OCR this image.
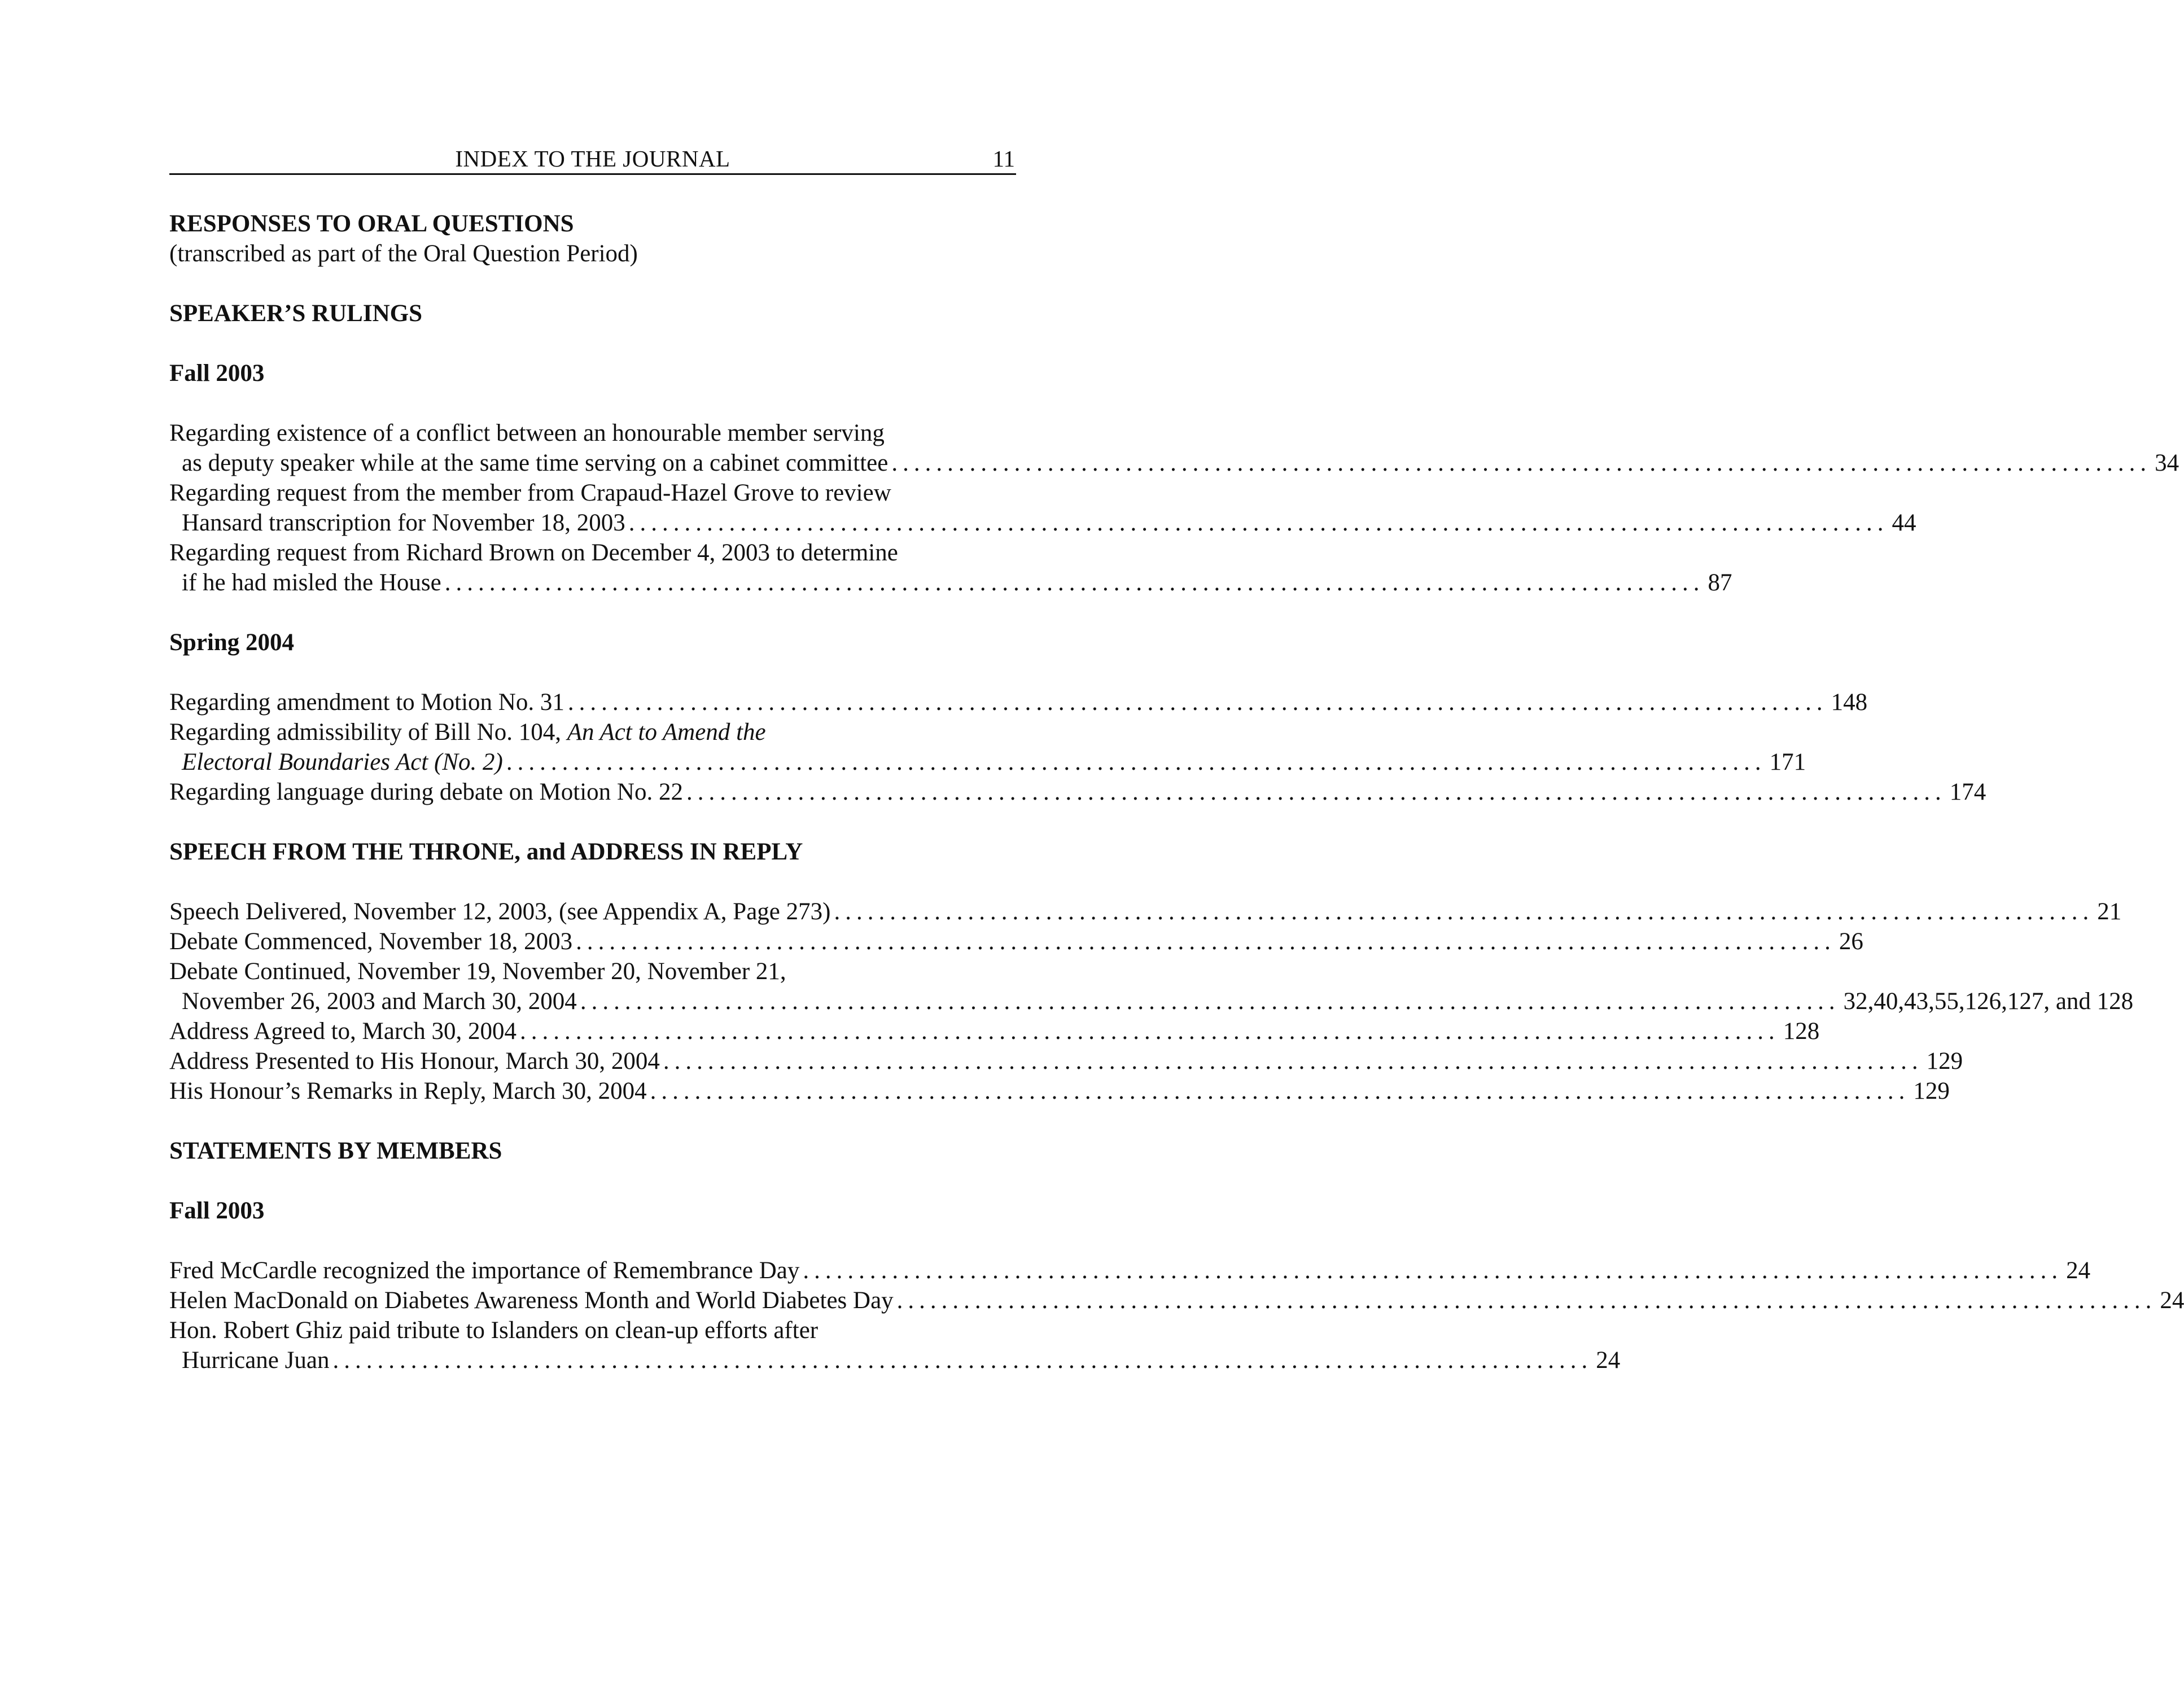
INDEX TO THE JOURNAL	11
RESPONSES TO ORAL QUESTIONS
(transcribed as part of the Oral Question Period)
SPEAKER’S RULINGS
Fall 2003
Regarding existence of a conflict between an honourable member serving
as deputy speaker while at the same time serving on a cabinet committee ................................................................................................................. 34
Regarding request from the member from Crapaud-Hazel Grove to review
Hansard transcription for November 18, 2003 ................................................................................................................. 44
Regarding request from Richard Brown on December 4, 2003 to determine
if he had misled the House ................................................................................................................. 87
Spring 2004
Regarding amendment to Motion No. 31 ................................................................................................................. 148
Regarding admissibility of Bill No. 104, An Act to Amend the
Electoral Boundaries Act (No. 2) ................................................................................................................. 171
Regarding language during debate on Motion No. 22 ................................................................................................................. 174
SPEECH FROM THE THRONE, and ADDRESS IN REPLY
Speech Delivered, November 12, 2003, (see Appendix A, Page 273) ................................................................................................................. 21
Debate Commenced, November 18, 2003 ................................................................................................................. 26
Debate Continued, November 19, November 20, November 21,
November 26, 2003 and March 30, 2004 ................................................................................................................. 32,40,43,55,126,127, and 128
Address Agreed to, March 30, 2004 ................................................................................................................. 128
Address Presented to His Honour, March 30, 2004 ................................................................................................................. 129
His Honour’s Remarks in Reply, March 30, 2004 ................................................................................................................. 129
STATEMENTS BY MEMBERS
Fall 2003
Fred McCardle recognized the importance of Remembrance Day ................................................................................................................. 24
Helen MacDonald on Diabetes Awareness Month and World Diabetes Day ................................................................................................................. 24
Hon. Robert Ghiz paid tribute to Islanders on clean-up efforts after
Hurricane Juan ................................................................................................................. 24
